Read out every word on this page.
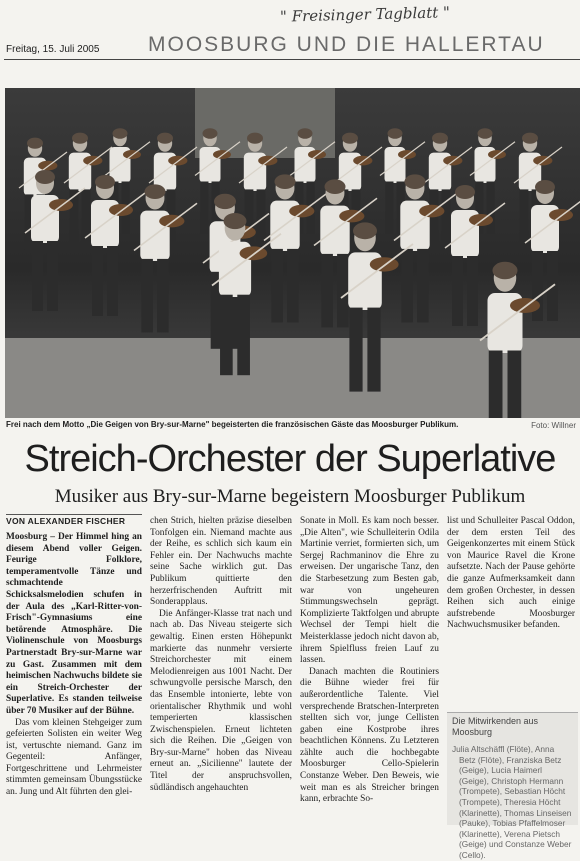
" Freisinger Tagblatt "
Freitag, 15. Juli 2005 MOOSBURG UND DIE HALLERTAU
Frei nach dem Motto „Die Geigen von Bry-sur-Marne" begeisterten die französischen Gäste das Moosburger Publikum.	Foto: Willner
Streich-Orchester der Superlative
Musiker aus Bry-sur-Marne begeistern Moosburger Publikum
VON ALEXANDER FISCHER

Moosburg – Der Himmel hing an diesem Abend voller Geigen. Feurige Folklore, temperamentvolle Tänze und schmachtende Schicksalsmelodien schufen in der Aula des „Karl-Ritter-von-Frisch"-Gymnasiums eine betörende Atmosphäre. Die Violinenschule von Moosburgs Partnerstadt Bry-sur-Marne war zu Gast. Zusammen mit dem heimischen Nachwuchs bildete sie ein Streich-Orchester der Superlative. Es standen teilweise über 70 Musiker auf der Bühne.

Das vom kleinen Stehgeiger zum gefeierten Solisten ein weiter Weg ist, vertuschte niemand. Ganz im Gegenteil: Anfänger, Fortgeschrittene und Lehrmeister stimmten gemeinsam Übungsstücke an. Jung und Alt führten den glei-

chen Strich, hielten präzise dieselben Tonfolgen ein. Niemand machte aus der Reihe, es schlich sich kaum ein Fehler ein. Der Nachwuchs machte seine Sache wirklich gut. Das Publikum quittierte den herzerfrischenden Auftritt mit Sonderapplaus.

Die Anfänger-Klasse trat nach und nach ab. Das Niveau steigerte sich gewaltig. Einen ersten Höhepunkt markierte das nunmehr versierte Streichorchester mit einem Melodienreigen aus 1001 Nacht. Der schwungvolle persische Marsch, den das Ensemble intonierte, lebte von orientalischer Rhythmik und wohl temperierten klassischen Zwischenspielen. Erneut lichteten sich die Reihen. Die „Geigen von Bry-sur-Marne" hoben das Niveau erneut an. „Sicilienne" lautete der Titel der anspruchsvollen, südländisch angehauchten

Sonate in Moll. Es kam noch besser. „Die Alten", wie Schulleiterin Odila Martinie verriet, formierten sich, um Sergej Rachmaninov die Ehre zu erweisen. Der ungarische Tanz, den die Starbesetzung zum Besten gab, war von ungeheuren Stimmungswechseln geprägt. Komplizierte Taktfolgen und abrupte Wechsel der Tempi hielt die Meisterklasse jedoch nicht davon ab, ihrem Spielfluss freien Lauf zu lassen.

Danach machten die Routiniers die Bühne wieder frei für außerordentliche Talente. Viel versprechende Bratschen-Interpreten stellten sich vor, junge Cellisten gaben eine Kostprobe ihres beachtlichen Könnens. Zu Letzteren zählte auch die hochbegabte Moosburger Cello-Spielerin Constanze Weber. Den Beweis, wie weit man es als Streicher bringen kann, erbrachte So-

list und Schulleiter Pascal Oddon, der dem ersten Teil des Geigenkonzertes mit einem Stück von Maurice Ravel die Krone aufsetzte. Nach der Pause gehörte die ganze Aufmerksamkeit dann dem großen Orchester, in dessen Reihen sich auch einige aufstrebende Moosburger Nachwuchsmusiker befanden.

Die Mitwirkenden aus Moosburg
Julia Altschäffl (Flöte), Anna Betz (Flöte), Franziska Betz (Geige), Lucia Haimerl (Geige), Christoph Hermann (Trompete), Sebastian Höcht (Trompete), Theresia Höcht (Klarinette), Thomas Linseisen (Pauke), Tobias Pfaffelmoser (Klarinette), Verena Pietsch (Geige) und Constanze Weber (Cello).
